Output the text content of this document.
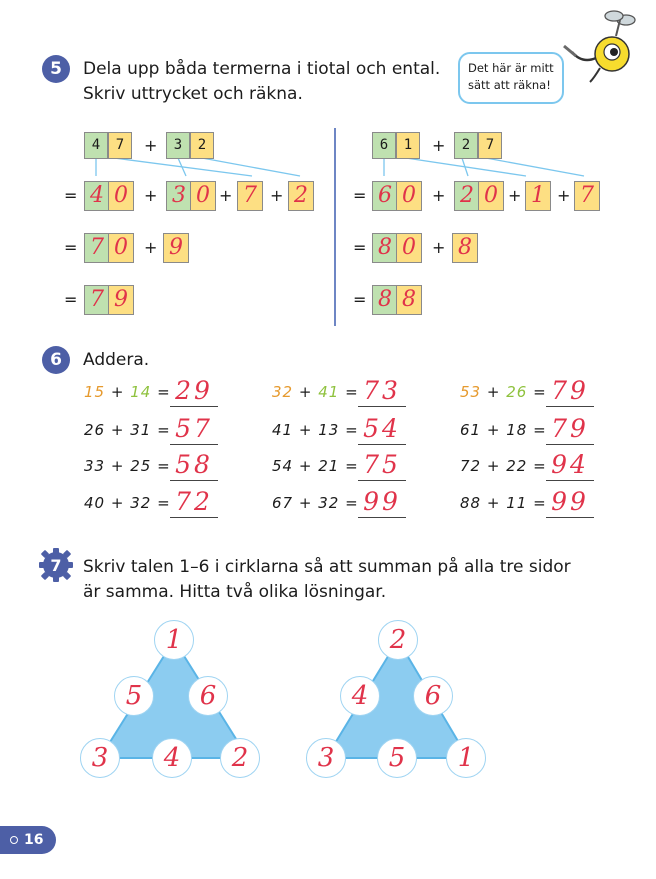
Det här är mitt
sätt att räkna!
5	Dela upp båda termerna i tiotal och ental.
Skriv uttrycket och räkna.
4	7	+	3	2
= 4 0	+ 3 0 + 7 + 2
= 7 0	+ 9
= 7 9
6	1	+	2	7
= 6 0	+ 2 0 + 1 + 7
= 8 0	+ 8
= 8 8
6	Addera.
15 + 14 = 29
26 + 31 = 57
33 + 25 = 58
40 + 32 = 72
32 + 41 = 73
41 + 13 = 54
54 + 21 = 75
67 + 32 = 99
53 + 26 = 79
61 + 18 = 79
72 + 22 = 94
88 + 11 = 99
7 Skriv talen 1–6 i cirklarna så att summan på alla tre sidor
är samma. Hitta två olika lösningar.
1
5	6
3	4	2
2
4	6
3	5	1
16
